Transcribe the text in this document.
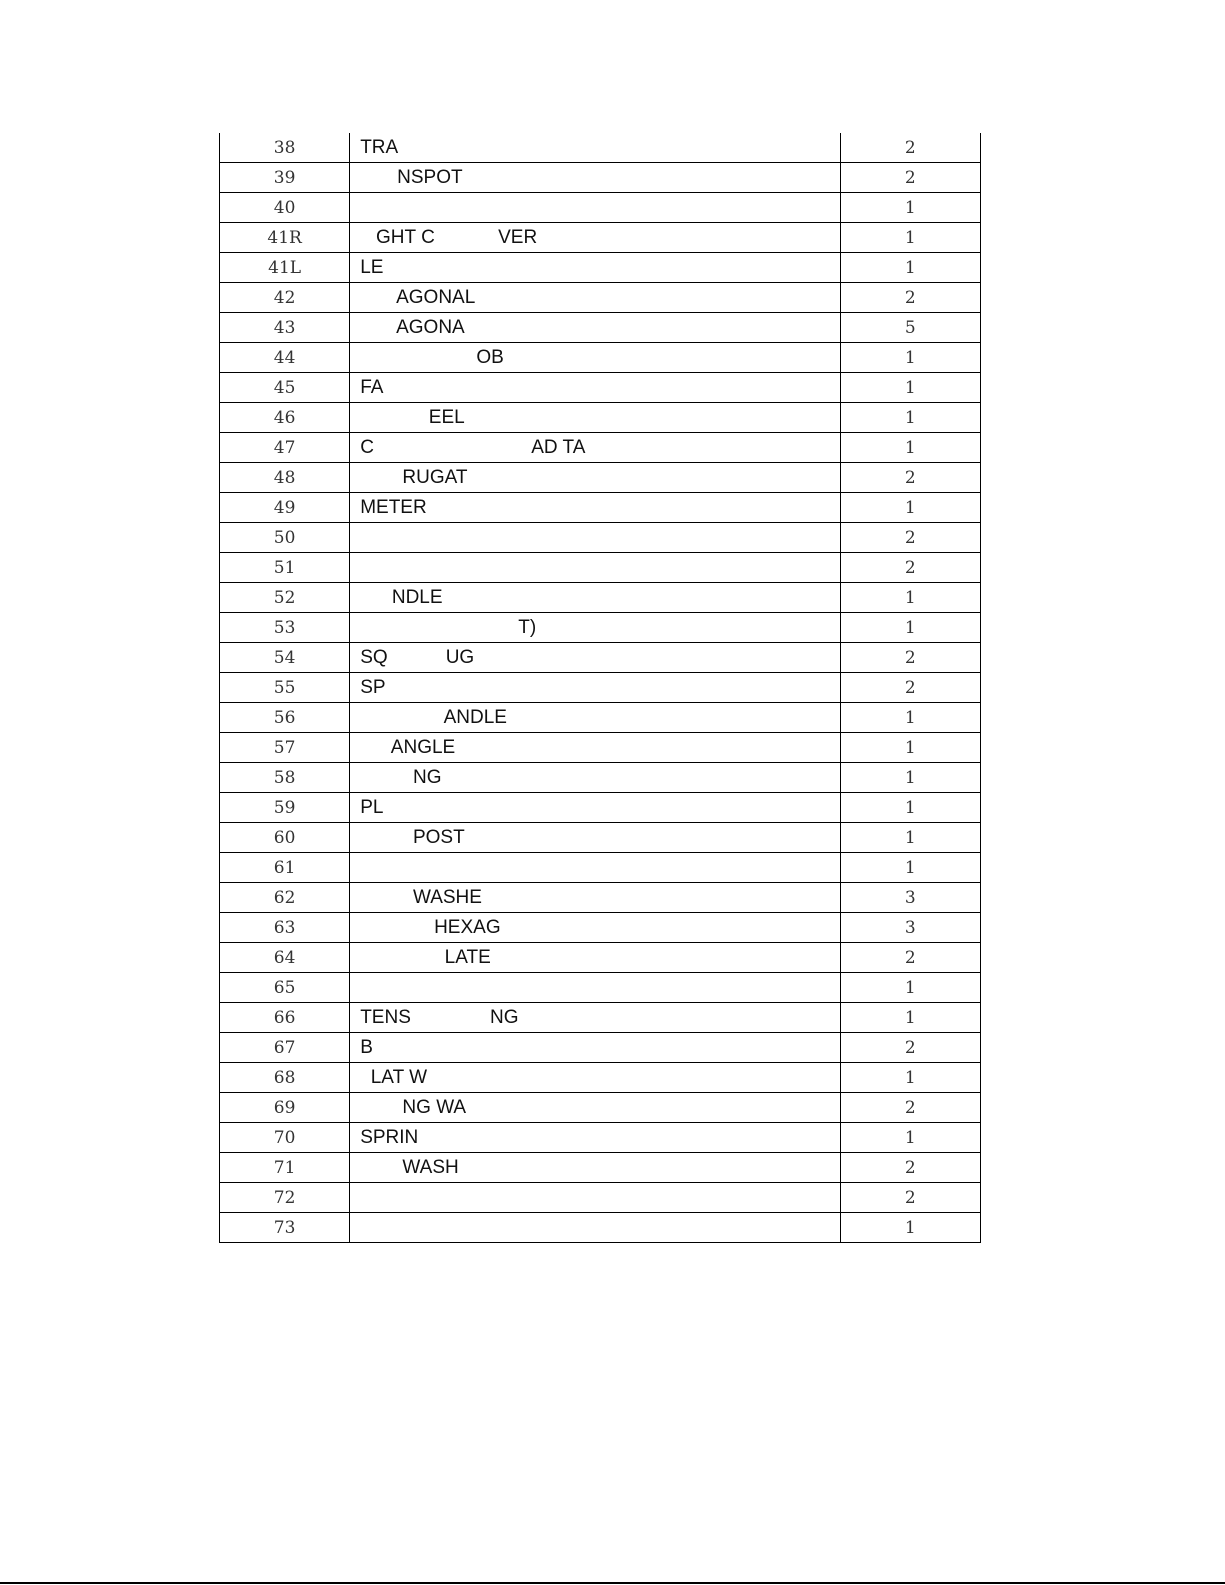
38	TRA	2
39	NSPOT	2
40		1
41R	GHT C            VER	1
41L	LE	1
42	AGONAL	2
43	AGONA	5
44	OB	1
45	FA	1
46	EEL	1
47	C                              AD TA	1
48	RUGAT	2
49	METER	1
50		2
51		2
52	NDLE	1
53	T)	1
54	SQ           UG	2
55	SP	2
56	ANDLE	1
57	ANGLE	1
58	NG	1
59	PL	1
60	POST	1
61		1
62	WASHE	3
63	HEXAG	3
64	LATE	2
65		1
66	TENS               NG	1
67	B	2
68	LAT W	1
69	NG WA	2
70	SPRIN	1
71	WASH	2
72		2
73		1
